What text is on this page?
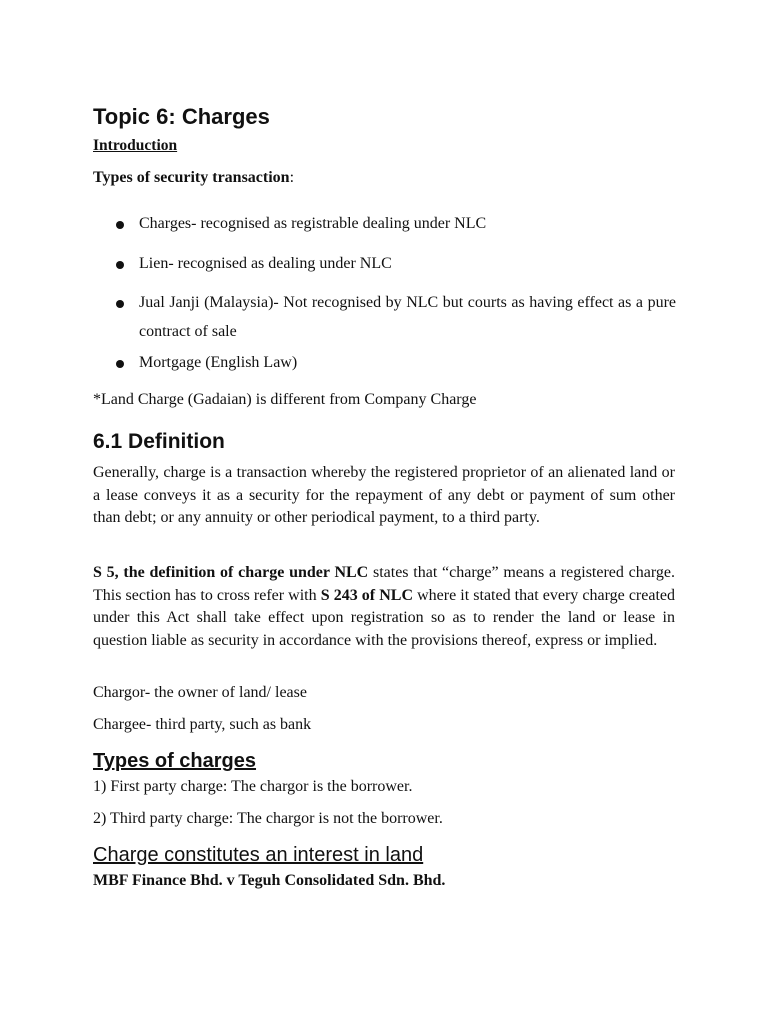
Topic 6: Charges
Introduction
Types of security transaction:
Charges- recognised as registrable dealing under NLC
Lien- recognised as dealing under NLC
Jual Janji (Malaysia)- Not recognised by NLC but courts as having effect as a pure contract of sale
Mortgage (English Law)

*Land Charge (Gadaian) is different from Company Charge

6.1 Definition

Generally, charge is a transaction whereby the registered proprietor of an alienated land or a lease conveys it as a security for the repayment of any debt or payment of sum other than debt; or any annuity or other periodical payment, to a third party.

S 5, the definition of charge under NLC states that “charge” means a registered charge. This section has to cross refer with S 243 of NLC where it stated that every charge created under this Act shall take effect upon registration so as to render the land or lease in question liable as security in accordance with the provisions thereof, express or implied.

Chargor- the owner of land/ lease

Chargee- third party, such as bank

Types of charges

1) First party charge: The chargor is the borrower.

2) Third party charge: The chargor is not the borrower.

Charge constitutes an interest in land

MBF Finance Bhd. v Teguh Consolidated Sdn. Bhd.
